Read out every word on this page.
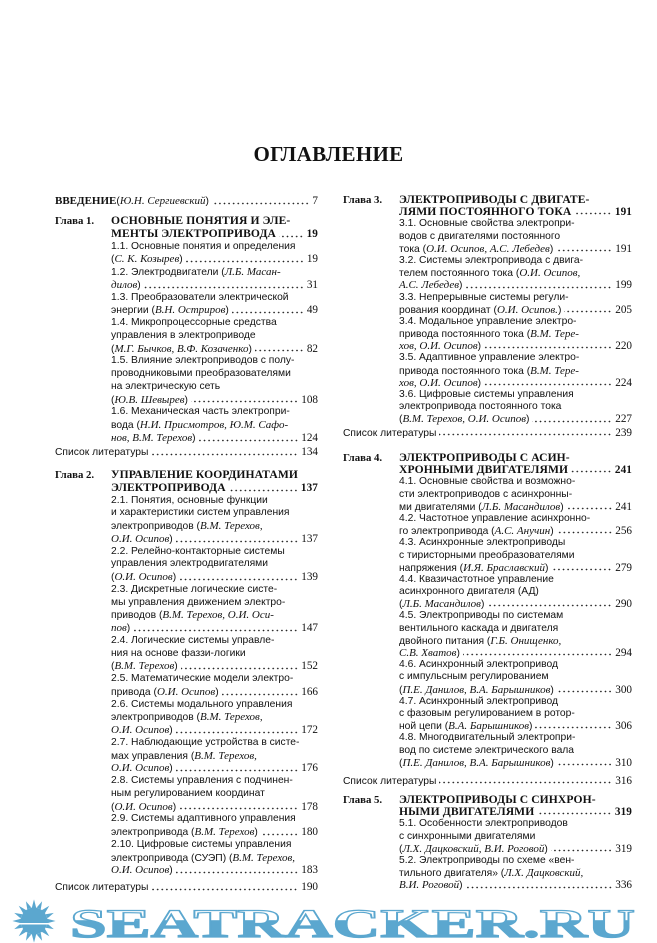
ОГЛАВЛЕНИЕ
ВВЕДЕНИЕ ( Ю.Н. Сергиевский )	7
Глава 1. ОСНОВНЫЕ ПОНЯТИЯ И ЭЛЕ-
МЕНТЫ ЭЛЕКТРОПРИВОДА	19
1.1. Основные понятия и определения
( С. К. Козырев )	19
1.2. Электродвигатели ( Л.Б. Масан-
дилов )	31
1.3. Преобразователи электрической
энергии ( В.Н. Остриров )	49
1.4. Микропроцессорные средства
управления в электроприводе
( М.Г. Бычков, В.Ф. Козаченко )	82
1.5. Влияние электроприводов с полу-
проводниковыми преобразователями
на электрическую сеть
( Ю.В. Шевырев )	108
1.6. Механическая часть электропри-
вода ( Н.И. Присмотров, Ю.М. Сафо-
нов, В.М. Терехов )	124
Список литературы	134
Глава 2. УПРАВЛЕНИЕ КООРДИНАТАМИ
ЭЛЕКТРОПРИВОДА	137
2.1. Понятия, основные функции
и характеристики систем управления
электроприводов ( В.М. Терехов,
О.И. Осипов )	137
2.2. Релейно-контакторные системы
управления электродвигателями
( О.И. Осипов )	139
2.3. Дискретные логические систе-
мы управления движением электро-
приводов ( В.М. Терехов, О.И. Оси-
пов )	147
2.4. Логические системы управле-
ния на основе фаззи-логики
( В.М. Терехов )	152
2.5. Математические модели электро-
привода ( О.И. Осипов )	166
2.6. Системы модального управления
электроприводов ( В.М. Терехов,
О.И. Осипов )	172
2.7. Наблюдающие устройства в систе-
мах управления ( В.М. Терехов,
О.И. Осипов )	176
2.8. Системы управления с подчинен-
ным регулированием координат
( О.И. Осипов )	178
2.9. Системы адаптивного управления
электропривода ( В.М. Терехов )	180
2.10. Цифровые системы управления
электропривода (СУЭП) ( В.М. Терехов,
О.И. Осипов )	183
Список литературы	190
Глава 3. ЭЛЕКТРОПРИВОДЫ С ДВИГАТЕ-
ЛЯМИ ПОСТОЯННОГО ТОКА	191
3.1. Основные свойства электропри-
водов с двигателями постоянного
тока ( О.И. Осипов, А.С. Лебедев )	191
3.2. Системы электропривода с двига-
телем постоянного тока ( О.И. Осипов,
А.С. Лебедев )	199
3.3. Непрерывные системы регули-
рования координат ( О.И. Осипов. )	205
3.4. Модальное управление электро-
привода постоянного тока ( В.М. Тере-
хов, О.И. Осипов )	220
3.5. Адаптивное управление электро-
привода постоянного тока ( В.М. Тере-
хов, О.И. Осипов )	224
3.6. Цифровые системы управления
электропривода постоянного тока
( В.М. Терехов, О.И. Осипов )	227
Список литературы	239
Глава 4. ЭЛЕКТРОПРИВОДЫ С АСИН-
ХРОННЫМИ ДВИГАТЕЛЯМИ	241
4.1. Основные свойства и возможно-
сти электроприводов с асинхронны-
ми двигателями ( Л.Б. Масандилов )	241
4.2. Частотное управление асинхронно-
го электропривода ( А.С. Анучин )	256
4.3. Асинхронные электроприводы
с тиристорными преобразователями
напряжения ( И.Я. Браславский )	279
4.4. Квазичастотное управление
асинхронного двигателя (АД)
( Л.Б. Масандилов )	290
4.5. Электроприводы по системам
вентильного каскада и двигателя
двойного питания ( Г.Б. Онищенко,
С.В. Хватов )	294
4.6. Асинхронный электропривод
с импульсным регулированием
( П.Е. Данилов, В.А. Барышников )	300
4.7. Асинхронный электропривод
с фазовым регулированием в ротор-
ной цепи ( В.А. Барышников )	306
4.8. Многодвигательный электропри-
вод по системе электрического вала
( П.Е. Данилов, В.А. Барышников )	310
Список литературы	316
Глава 5. ЭЛЕКТРОПРИВОДЫ С СИНХРОН-
НЫМИ ДВИГАТЕЛЯМИ	319
5.1. Особенности электроприводов
с синхронными двигателями
( Л.Х. Дацковский, В.И. Роговой )	319
5.2. Электроприводы по схеме «вен-
тильного двигателя» ( Л.Х. Дацковский,
В.И. Роговой )	336
SEATRACKER.RU
